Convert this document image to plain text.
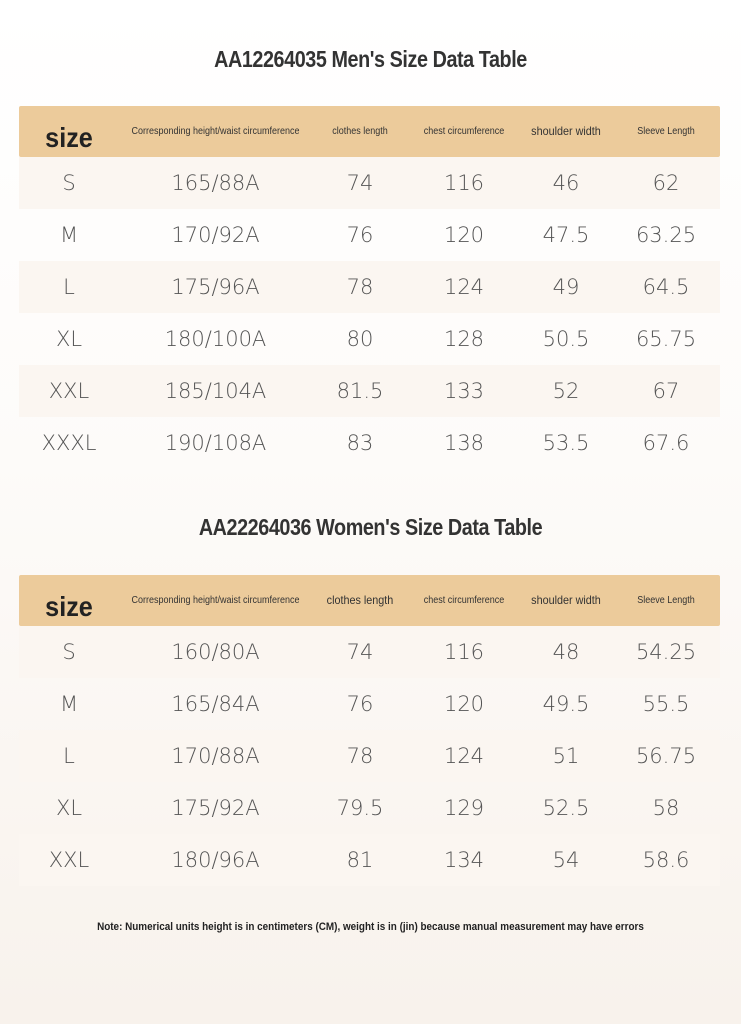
AA12264035 Men's Size Data Table
size	Corresponding height/waist circumference	clothes length	chest circumference	shoulder width	Sleeve Length
S	165/88A	74	116	46	62
M	170/92A	76	120	47.5	63.25
L	175/96A	78	124	49	64.5
XL	180/100A	80	128	50.5	65.75
XXL	185/104A	81.5	133	52	67
XXXL	190/108A	83	138	53.5	67.6
AA22264036 Women's Size Data Table
size	Corresponding height/waist circumference	clothes length	chest circumference	shoulder width	Sleeve Length
S	160/80A	74	116	48	54.25
M	165/84A	76	120	49.5	55.5
L	170/88A	78	124	51	56.75
XL	175/92A	79.5	129	52.5	58
XXL	180/96A	81	134	54	58.6
Note: Numerical units height is in centimeters (CM), weight is in (jin) because manual measurement may have errors
